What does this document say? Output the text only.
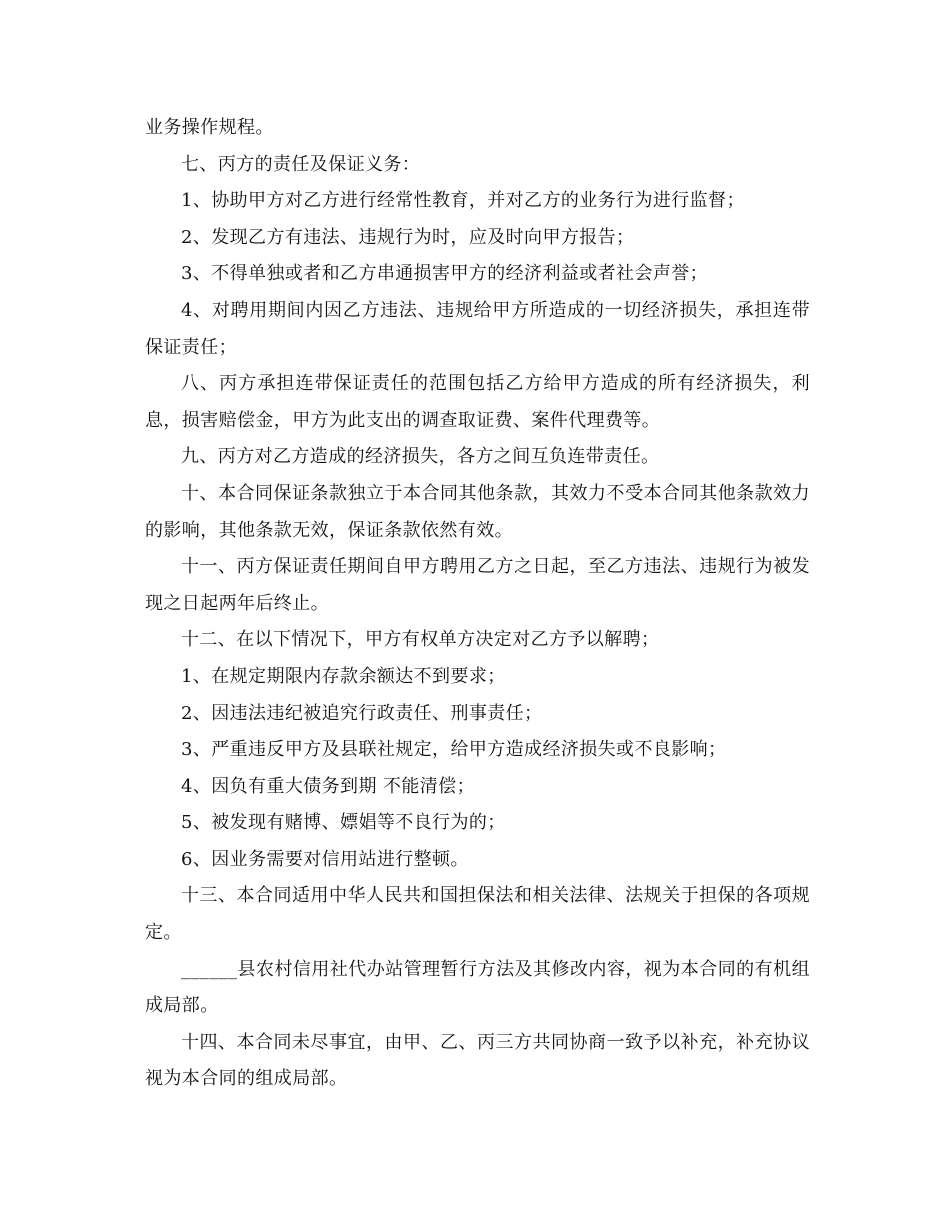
业务操作规程。

七、丙方的责任及保证义务：

1、协助甲方对乙方进行经常性教育，并对乙方的业务行为进行监督；

2、发现乙方有违法、违规行为时，应及时向甲方报告；

3、不得单独或者和乙方串通损害甲方的经济利益或者社会声誉；

4、对聘用期间内因乙方违法、违规给甲方所造成的一切经济损失，承担连带保证责任；

八、丙方承担连带保证责任的范围包括乙方给甲方造成的所有经济损失，利息，损害赔偿金，甲方为此支出的调查取证费、案件代理费等。

九、丙方对乙方造成的经济损失，各方之间互负连带责任。

十、本合同保证条款独立于本合同其他条款，其效力不受本合同其他条款效力的影响，其他条款无效，保证条款依然有效。

十一、丙方保证责任期间自甲方聘用乙方之日起，至乙方违法、违规行为被发现之日起两年后终止。

十二、在以下情况下，甲方有权单方决定对乙方予以解聘；

1、在规定期限内存款余额达不到要求；

2、因违法违纪被追究行政责任、刑事责任；

3、严重违反甲方及县联社规定，给甲方造成经济损失或不良影响；

4、因负有重大债务到期 不能清偿；

5、被发现有赌博、嫖娼等不良行为的；

6、因业务需要对信用站进行整顿。

十三、本合同适用中华人民共和国担保法和相关法律、法规关于担保的各项规定。

______县农村信用社代办站管理暂行方法及其修改内容，视为本合同的有机组成局部。

十四、本合同未尽事宜，由甲、乙、丙三方共同协商一致予以补充，补充协议视为本合同的组成局部。
